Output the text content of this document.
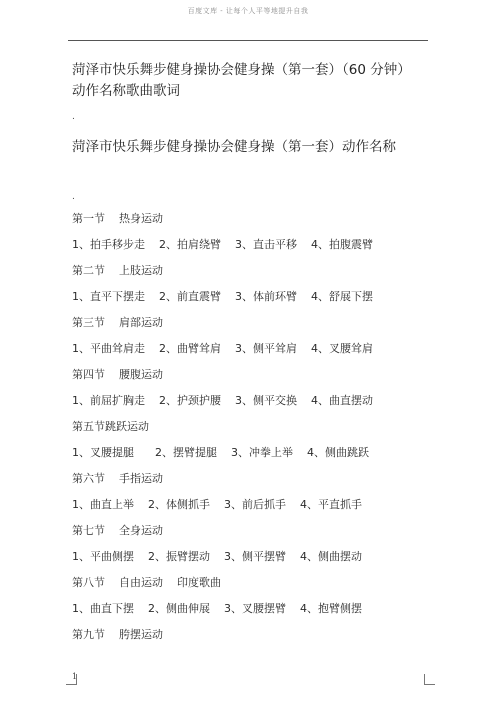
百度文库 - 让每个人平等地提升自我
菏泽市快乐舞步健身操协会健身操（第一套）（60 分钟）
动作名称歌曲歌词
.
菏泽市快乐舞步健身操协会健身操（第一套）动作名称
.
第一节    热身运动
1、拍手移步走    2、拍肩绕臂    3、直击平移    4、拍腹震臂
第二节    上肢运动
1、直平下摆走    2、前直震臂    3、体前环臂    4、舒展下摆
第三节    肩部运动
1、平曲耸肩走    2、曲臂耸肩    3、侧平耸肩    4、叉腰耸肩
第四节    腰腹运动
1、前屈扩胸走    2、护颈护腰    3、侧平交换    4、曲直摆动
第五节跳跃运动
1、叉腰提腿      2、摆臂提腿    3、冲拳上举    4、侧曲跳跃
第六节    手指运动
1、曲直上举    2、体侧抓手    3、前后抓手    4、平直抓手
第七节    全身运动
1、平曲侧摆    2、振臂摆动    3、侧平摆臂    4、侧曲摆动
第八节    自由运动    印度歌曲
1、曲直下摆    2、侧曲伸展    3、叉腰摆臂    4、抱臂侧摆
第九节    胯摆运动
1
